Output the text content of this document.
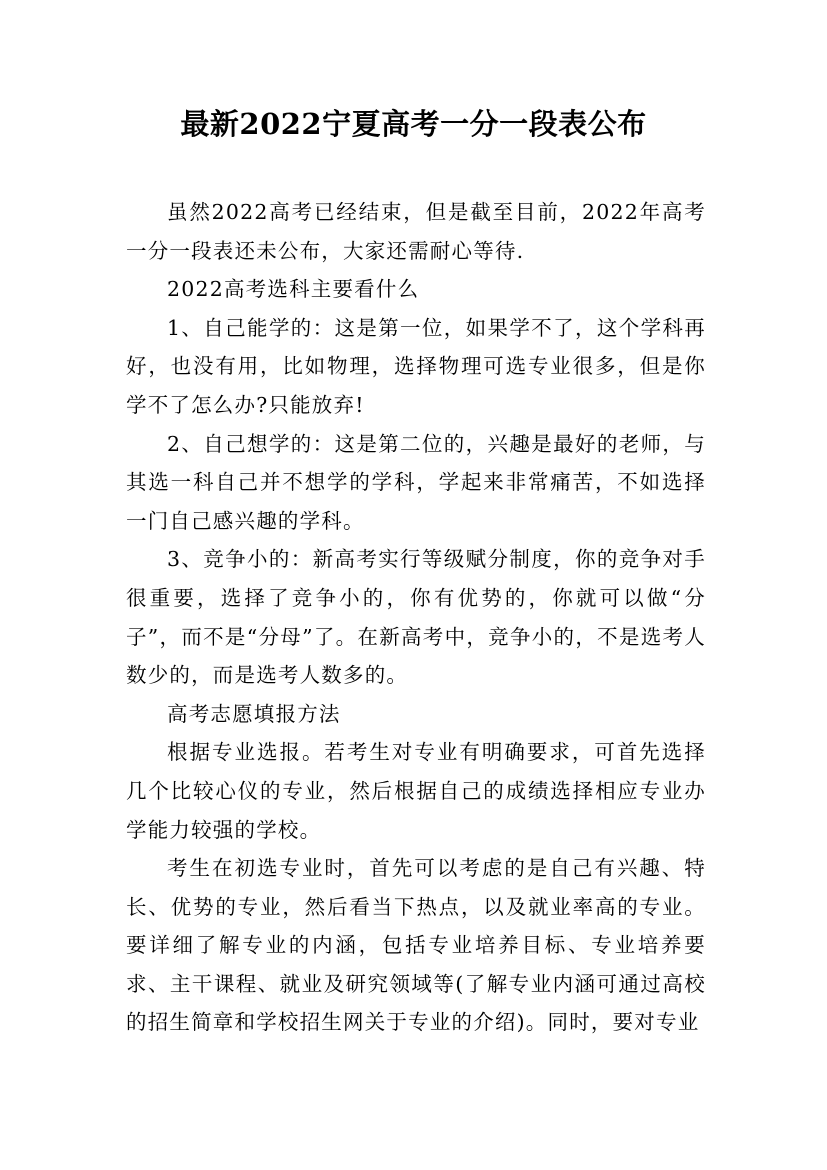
最新2022宁夏高考一分一段表公布

虽然2022高考已经结束，但是截至目前，2022年高考一分一段表还未公布，大家还需耐心等待.

2022高考选科主要看什么

1、自己能学的：这是第一位，如果学不了，这个学科再好，也没有用，比如物理，选择物理可选专业很多，但是你学不了怎么办?只能放弃!

2、自己想学的：这是第二位的，兴趣是最好的老师，与其选一科自己并不想学的学科，学起来非常痛苦，不如选择一门自己感兴趣的学科。

3、竞争小的：新高考实行等级赋分制度，你的竞争对手很重要，选择了竞争小的，你有优势的，你就可以做“分子”，而不是“分母”了。在新高考中，竞争小的，不是选考人数少的，而是选考人数多的。

高考志愿填报方法

根据专业选报。若考生对专业有明确要求，可首先选择几个比较心仪的专业，然后根据自己的成绩选择相应专业办学能力较强的学校。

考生在初选专业时，首先可以考虑的是自己有兴趣、特长、优势的专业，然后看当下热点，以及就业率高的专业。要详细了解专业的内涵，包括专业培养目标、专业培养要求、主干课程、就业及研究领域等(了解专业内涵可通过高校的招生简章和学校招生网关于专业的介绍)。同时，要对专业
